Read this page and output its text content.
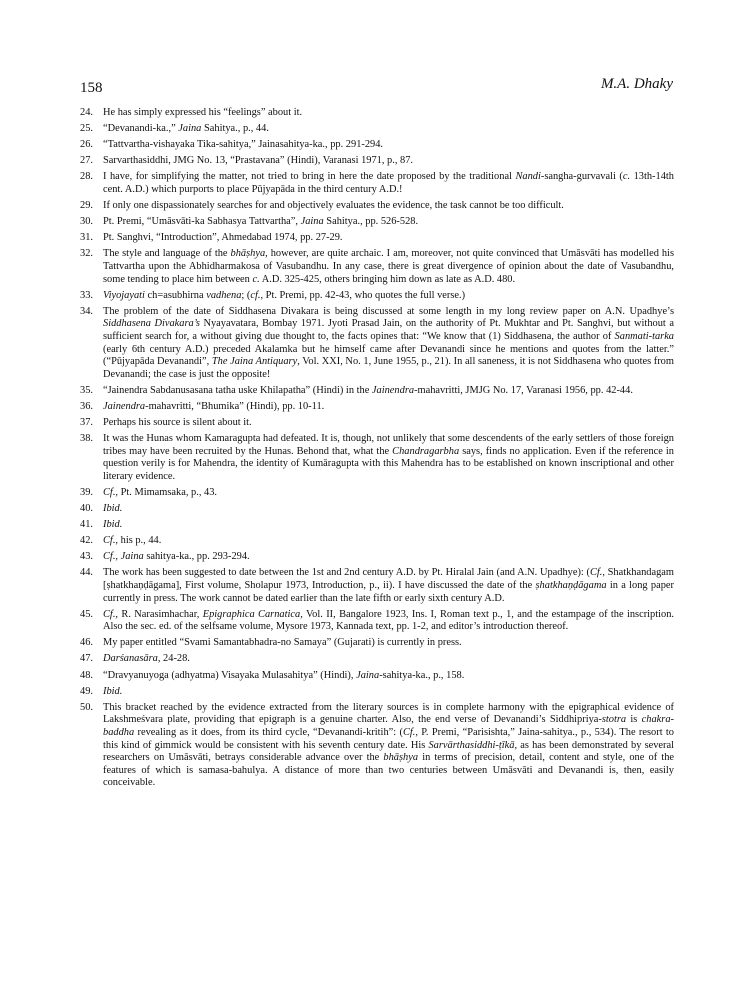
158	M.A. Dhaky
24. He has simply expressed his “feelings” about it.
25. “Devanandi-ka.,” Jaina Sahitya., p., 44.
26. “Tattvartha-vishayaka Tika-sahitya,” Jainasahitya-ka., pp. 291-294.
27. Sarvarthasiddhi, JMG No. 13, “Prastavana” (Hindi), Varanasi 1971, p., 87.
28. I have, for simplifying the matter, not tried to bring in here the date proposed by the traditional Nandi-sangha-gurvavali (c. 13th-14th cent. A.D.) which purports to place Pūjyapāda in the third century A.D.!
29. If only one dispassionately searches for and objectively evaluates the evidence, the task cannot be too difficult.
30. Pt. Premi, “Umāsvāti-ka Sabhasya Tattvartha”, Jaina Sahitya., pp. 526-528.
31. Pt. Sanghvi, “Introduction”, Ahmedabad 1974, pp. 27-29.
32. The style and language of the bhāṣhya, however, are quite archaic. I am, moreover, not quite convinced that Umāsvāti has modelled his Tattvartha upon the Abhidharmakosa of Vasubandhu. In any case, there is great divergence of opinion about the date of Vasubandhu, some tending to place him between c. A.D. 325-425, others bringing him down as late as A.D. 480.
33. Viyojayati ch=asubhirna vadhena; (cf., Pt. Premi, pp. 42-43, who quotes the full verse.)
34. The problem of the date of Siddhasena Divakara is being discussed at some length in my long review paper on A.N. Upadhye’s Siddhasena Divakara’s Nyayavatara, Bombay 1971. Jyoti Prasad Jain, on the authority of Pt. Mukhtar and Pt. Sanghvi, but without a sufficient search for, a without giving due thought to, the facts opines that: “We know that (1) Siddhasena, the author of Sanmati-tarka (early 6th century A.D.) preceded Akalamka but he himself came after Devanandi since he mentions and quotes from the latter.” (“Pūjyapāda Devanandi”, The Jaina Antiquary, Vol. XXI, No. 1, June 1955, p., 21). In all saneness, it is not Siddhasena who quotes from Devanandi; the case is just the opposite!
35. “Jainendra Sabdanusasana tatha uske Khilapatha” (Hindi) in the Jainendra-mahavritti, JMJG No. 17, Varanasi 1956, pp. 42-44.
36. Jainendra-mahavritti, “Bhumika” (Hindi), pp. 10-11.
37. Perhaps his source is silent about it.
38. It was the Hunas whom Kamaragupta had defeated. It is, though, not unlikely that some descendents of the early settlers of those foreign tribes may have been recruited by the Hunas. Behond that, what the Chandragarbha says, finds no application. Even if the reference in question verily is for Mahendra, the identity of Kumāragupta with this Mahendra has to be established on known inscriptional and other literary evidence.
39. Cf., Pt. Mimamsaka, p., 43.
40. Ibid.
41. Ibid.
42. Cf., his p., 44.
43. Cf., Jaina sahitya-ka., pp. 293-294.
44. The work has been suggested to date between the 1st and 2nd century A.D. by Pt. Hiralal Jain (and A.N. Upadhye): (Cf., Shatkhandagam [ṣhatkhaṇḍāgama], First volume, Sholapur 1973, Introduction, p., ii). I have discussed the date of the ṣhatkhaṇḍāgama in a long paper currently in press. The work cannot be dated earlier than the late fifth or early sixth century A.D.
45. Cf., R. Narasimhachar, Epigraphica Carnatica, Vol. II, Bangalore 1923, Ins. I, Roman text p., 1, and the estampage of the inscription. Also the sec. ed. of the selfsame volume, Mysore 1973, Kannada text, pp. 1-2, and editor’s introduction thereof.
46. My paper entitled “Svami Samantabhadra-no Samaya” (Gujarati) is currently in press.
47. Darśanasāra, 24-28.
48. “Dravyanuyoga (adhyatma) Visayaka Mulasahitya” (Hindi), Jaina-sahitya-ka., p., 158.
49. Ibid.
50. This bracket reached by the evidence extracted from the literary sources is in complete harmony with the epigraphical evidence of Lakshmeśvara plate, providing that epigraph is a genuine charter. Also, the end verse of Devanandi’s Siddhipriya-stotra is chakra-baddha revealing as it does, from its third cycle, “Devanandi-kritih”: (Cf., P. Premi, “Parisishta,” Jaina-sahitya., p., 534). The resort to this kind of gimmick would be consistent with his seventh century date. His Sarvārthasiddhi-ṭīkā, as has been demonstrated by several researchers on Umāsvāti, betrays considerable advance over the bhāṣhya in terms of precision, detail, content and style, one of the features of which is samasa-bahulya. A distance of more than two centuries between Umāsvāti and Devanandi is, then, easily conceivable.
